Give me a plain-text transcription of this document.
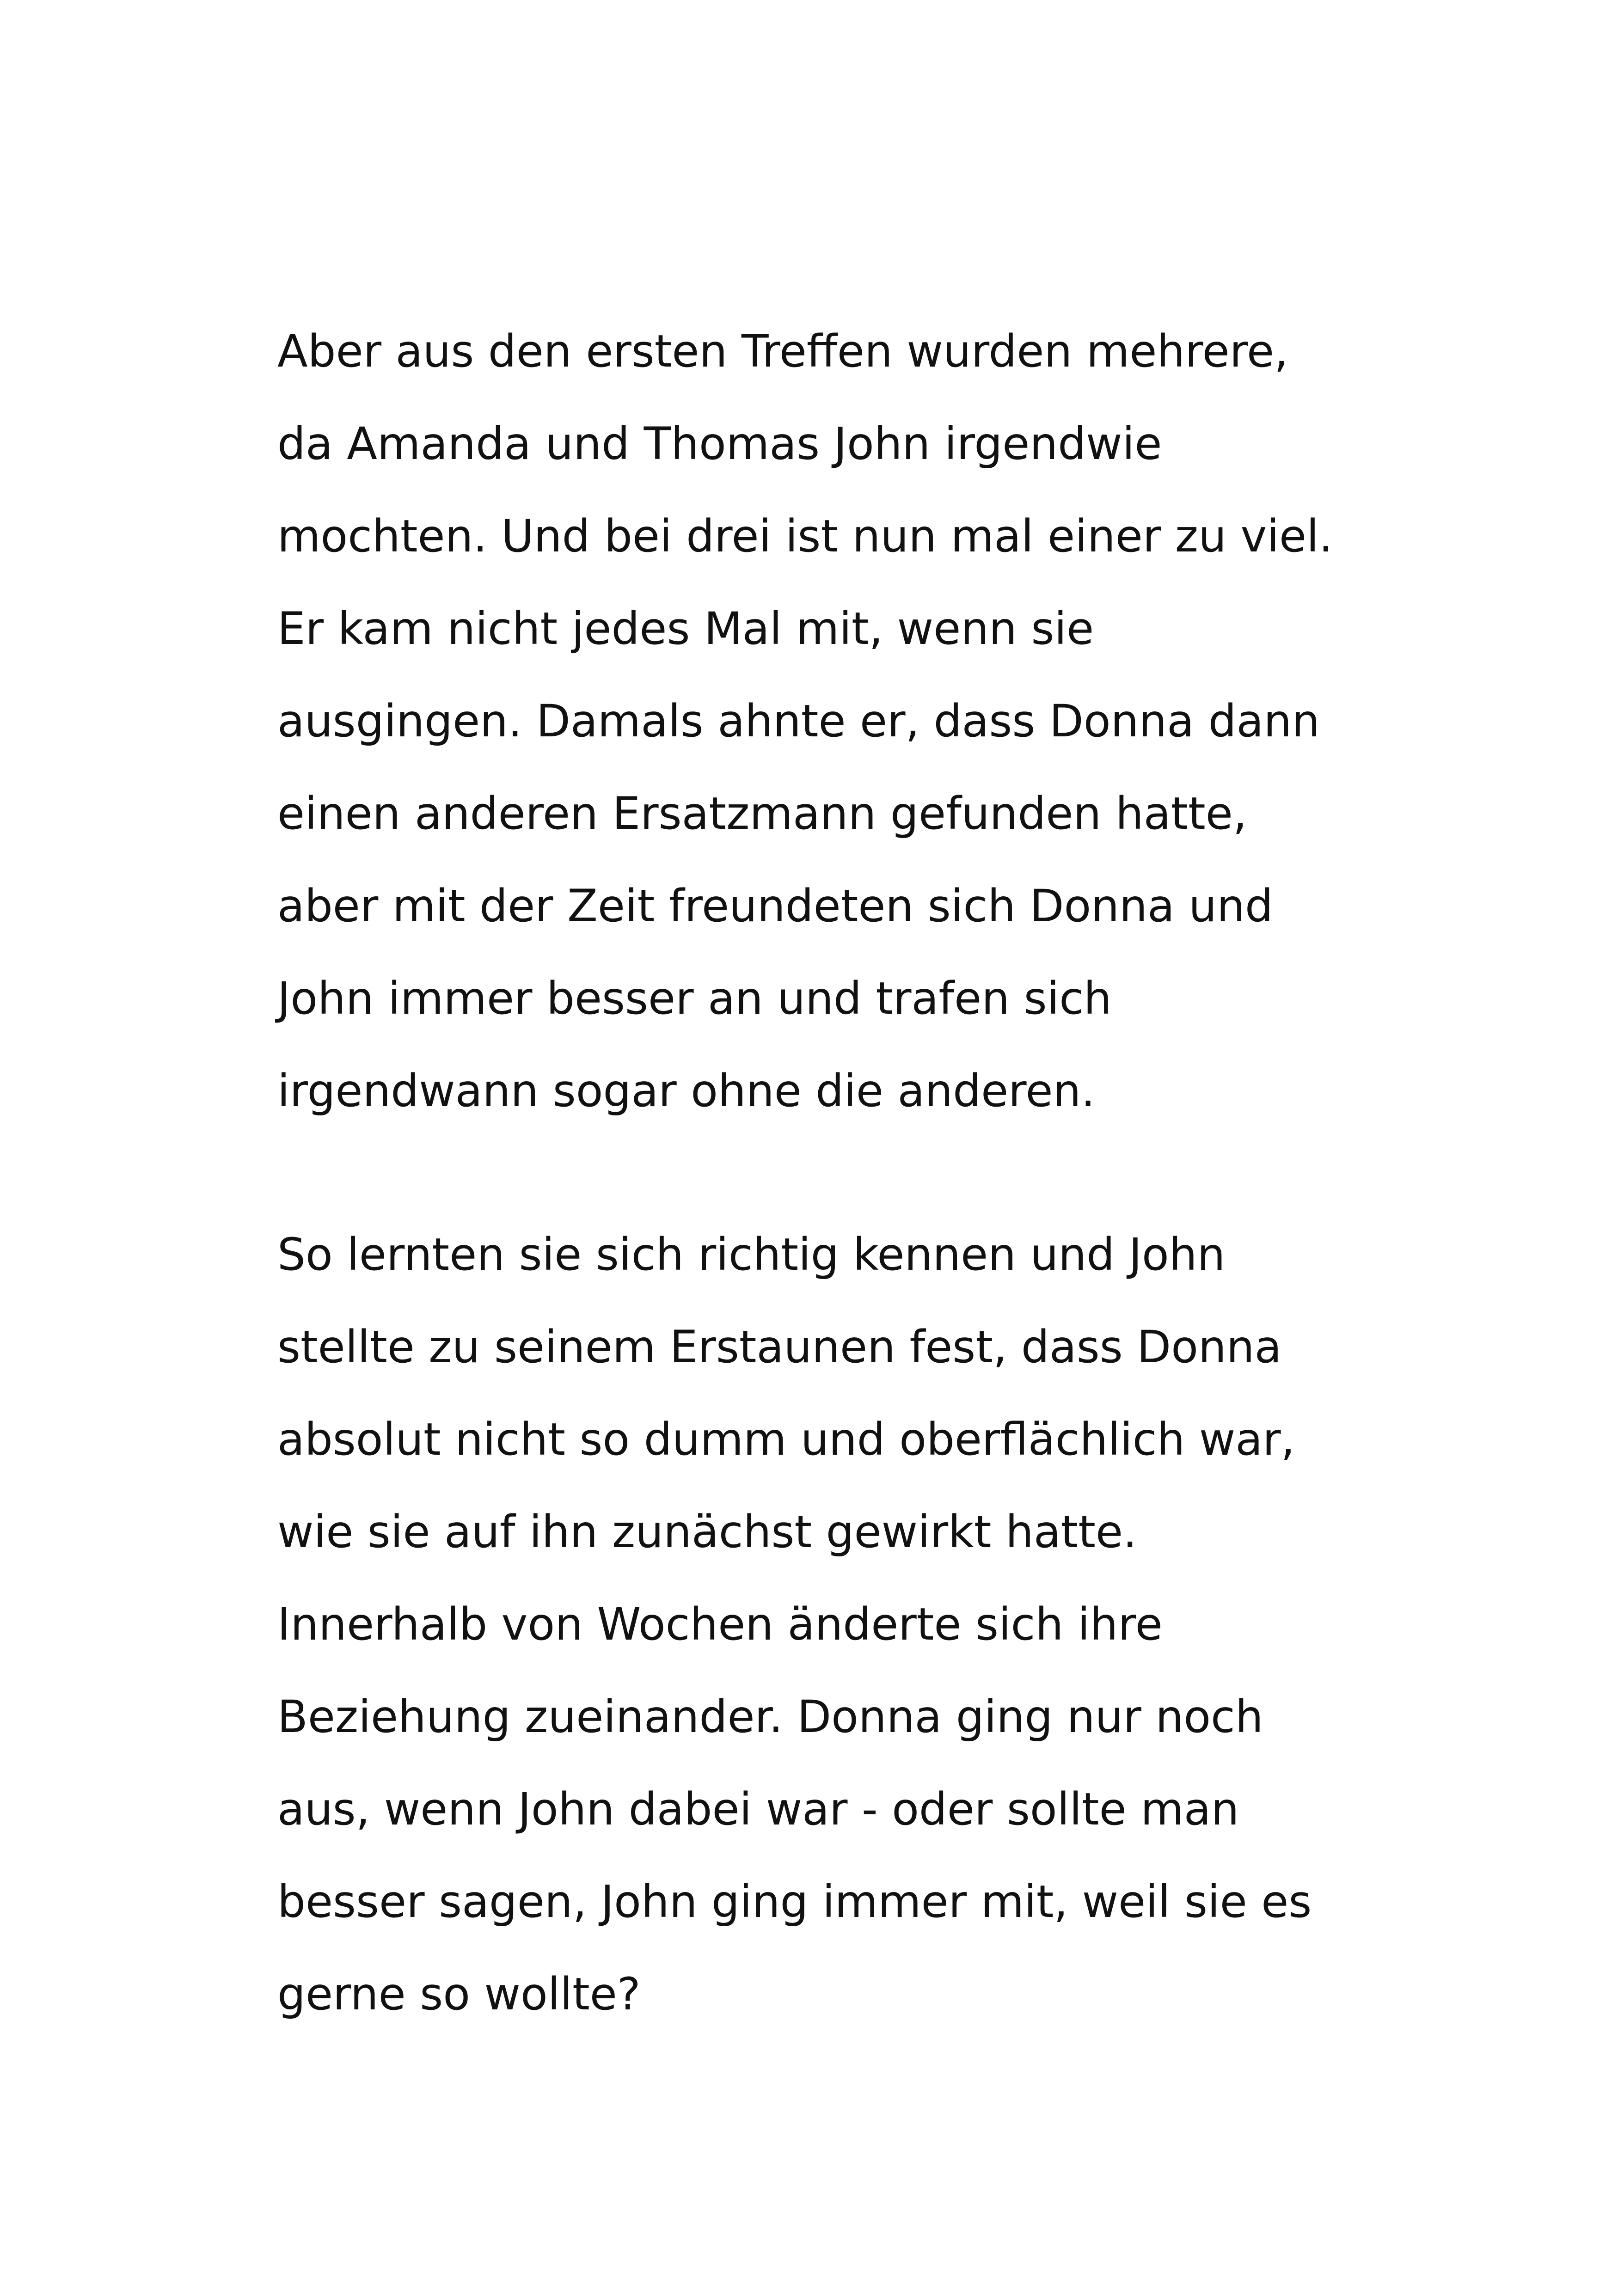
Aber aus den ersten Treffen wurden mehrere,
da Amanda und Thomas John irgendwie
mochten. Und bei drei ist nun mal einer zu viel.
Er kam nicht jedes Mal mit, wenn sie
ausgingen. Damals ahnte er, dass Donna dann
einen anderen Ersatzmann gefunden hatte,
aber mit der Zeit freundeten sich Donna und
John immer besser an und trafen sich
irgendwann sogar ohne die anderen.
So lernten sie sich richtig kennen und John
stellte zu seinem Erstaunen fest, dass Donna
absolut nicht so dumm und oberflächlich war,
wie sie auf ihn zunächst gewirkt hatte.
Innerhalb von Wochen änderte sich ihre
Beziehung zueinander. Donna ging nur noch
aus, wenn John dabei war - oder sollte man
besser sagen, John ging immer mit, weil sie es
gerne so wollte?
